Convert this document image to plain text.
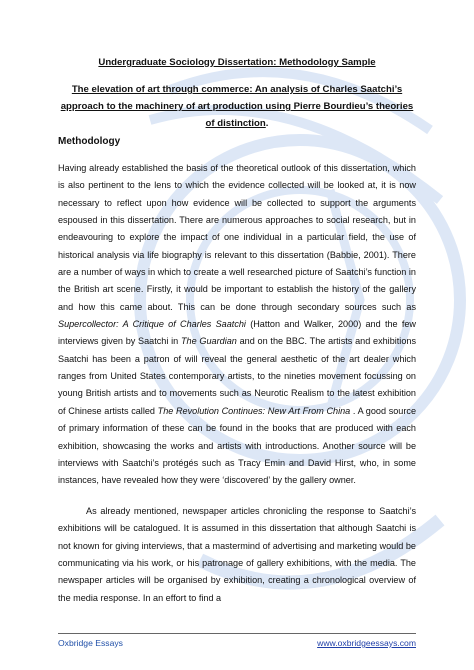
Undergraduate Sociology Dissertation: Methodology Sample
The elevation of art through commerce: An analysis of Charles Saatchi’s approach to the machinery of art production using Pierre Bourdieu’s theories of distinction.
Methodology

Having already established the basis of the theoretical outlook of this dissertation, which is also pertinent to the lens to which the evidence collected will be looked at, it is now necessary to reflect upon how evidence will be collected to support the arguments espoused in this dissertation. There are numerous approaches to social research, but in endeavouring to explore the impact of one individual in a particular field, the use of historical analysis via life biography is relevant to this dissertation (Babbie, 2001). There are a number of ways in which to create a well researched picture of Saatchi’s function in the British art scene. Firstly, it would be important to establish the history of the gallery and how this came about. This can be done through secondary sources such as Supercollector: A Critique of Charles Saatchi (Hatton and Walker, 2000) and the few interviews given by Saatchi in The Guardian and on the BBC. The artists and exhibitions Saatchi has been a patron of will reveal the general aesthetic of the art dealer which ranges from United States contemporary artists, to the nineties movement focussing on young British artists and to movements such as Neurotic Realism to the latest exhibition of Chinese artists called The Revolution Continues: New Art From China . A good source of primary information of these can be found in the books that are produced with each exhibition, showcasing the works and artists with introductions. Another source will be interviews with Saatchi’s protégés such as Tracy Emin and David Hirst, who, in some instances, have revealed how they were ‘discovered’ by the gallery owner.

As already mentioned, newspaper articles chronicling the response to Saatchi’s exhibitions will be catalogued. It is assumed in this dissertation that although Saatchi is not known for giving interviews, that a mastermind of advertising and marketing would be communicating via his work, or his patronage of gallery exhibitions, with the media. The newspaper articles will be organised by exhibition, creating a chronological overview of the media response. In an effort to find a

Oxbridge Essays	www.oxbridgeessays.com
